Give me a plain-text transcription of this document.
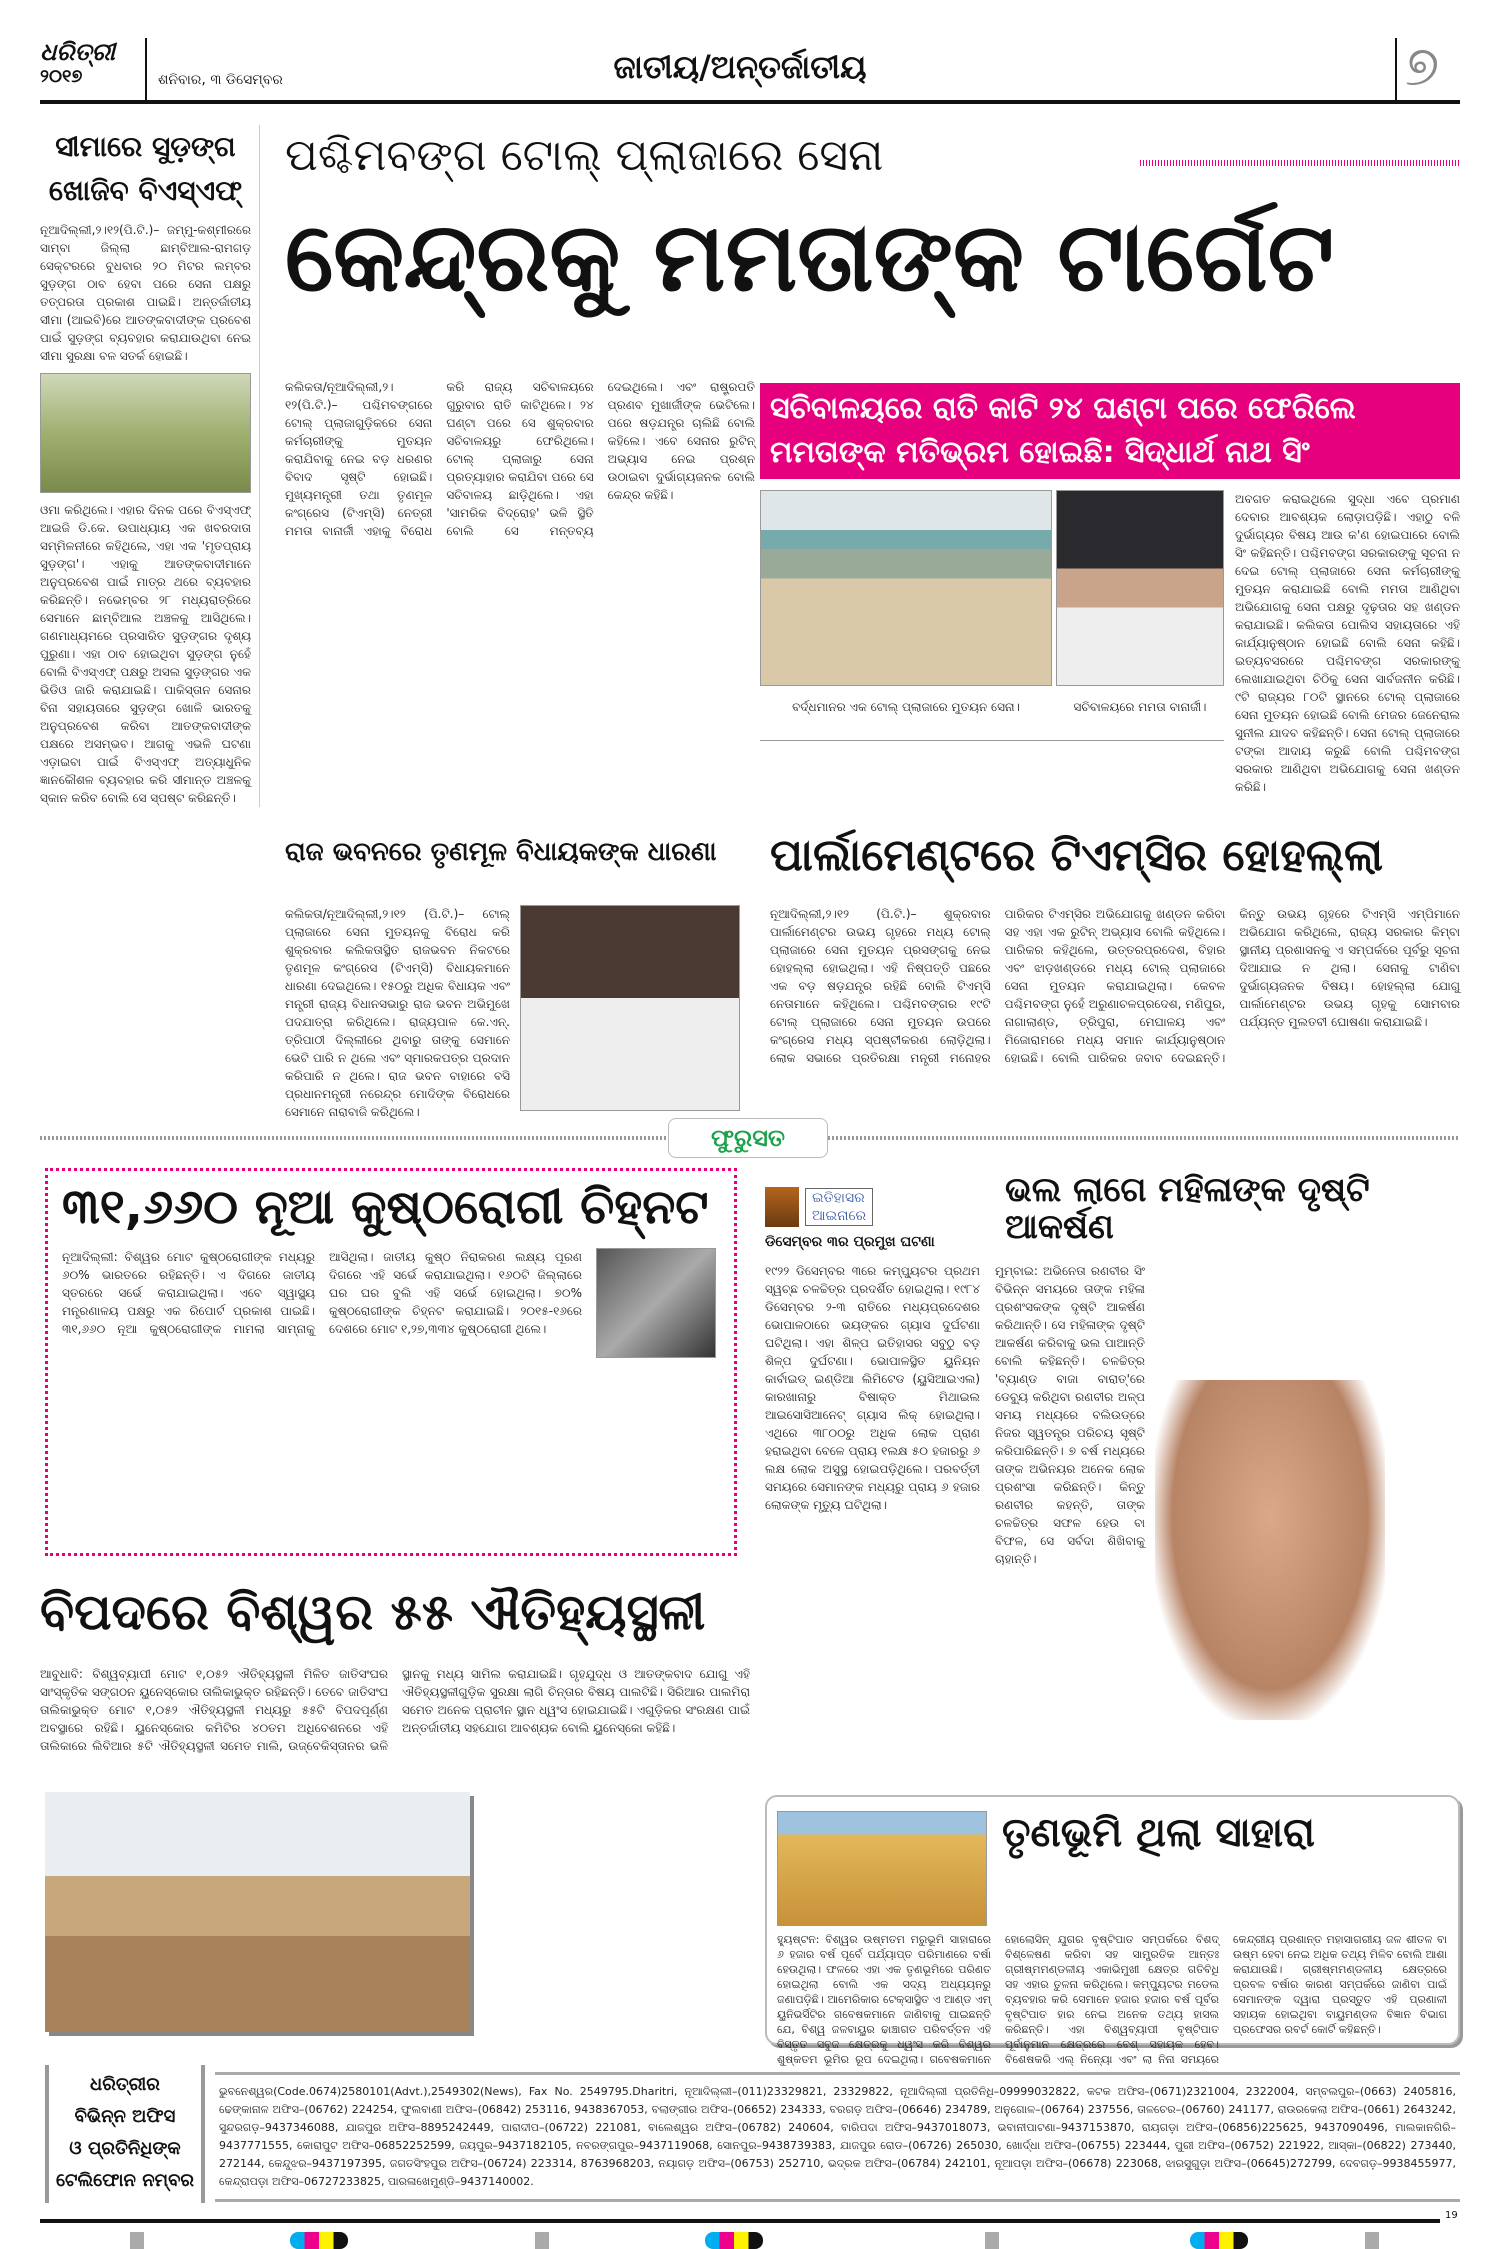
ଧରିତ୍ରୀ
୨୦୧୭	ଶନିବାର, ୩ ଡିସେମ୍ବର	ଜାତୀୟ/ଅନ୍ତର୍ଜାତୀୟ	୭
ସୀମାରେ ସୁଡ଼ଙ୍ଗ ଖୋଜିବ ବିଏସ୍‌ଏଫ୍
ନୂଆଦିଲ୍ଲୀ,୨।୧୨(ପି.ଟି.)– ଜମ୍ମୁ-କଶ୍ମୀରରେ ସାମ୍ବା ଜିଲ୍ଲା ଛାମ୍ବିଆଲ-ରାମଗଡ଼ ସେକ୍ଟରରେ ବୁଧବାର ୨୦ ମିଟର ଲମ୍ବର ସୁଡ଼ଙ୍ଗ ଠାବ ହେବା ପରେ ସେନା ପକ୍ଷରୁ ତତ୍ପରତା ପ୍ରକାଶ ପାଇଛି। ଅନ୍ତର୍ଜାତୀୟ ସୀମା (ଆଇବି)ରେ ଆତଙ୍କବାଦୀଙ୍କ ପ୍ରବେଶ ପାଇଁ ସୁଡ଼ଙ୍ଗ ବ୍ୟବହାର କରାଯାଉଥିବା ନେଇ ସୀମା ସୁରକ୍ଷା ବଳ ସତର୍କ ହୋଇଛି।
ଓମା କରିଥିଲେ। ଏହାର ଦିନକ ପରେ ବିଏସ୍‌ଏଫ୍ ଆଇଜି ଡି.କେ. ଉପାଧ୍ୟାୟ ଏକ ଖବରଦାତା ସମ୍ମିଳନୀରେ କହିଥିଲେ, ଏହା ଏକ 'ମୃତପ୍ରାୟ ସୁଡ଼ଙ୍ଗ'। ଏହାକୁ ଆତଙ୍କବାଦୀମାନେ ଅନୁପ୍ରବେଶ ପାଇଁ ମାତ୍ର ଥରେ ବ୍ୟବହାର କରିଛନ୍ତି। ନଭେମ୍ବର ୨୮ ମଧ୍ୟରାତ୍ରିରେ ସେମାନେ ଛାମ୍ବିଆଲ ଅଞ୍ଚଳକୁ ଆସିଥିଲେ। ଗଣମାଧ୍ୟମରେ ପ୍ରସାରିତ ସୁଡ଼ଙ୍ଗର ଦୃଶ୍ୟ ପୁରୁଣା। ଏହା ଠାବ ହୋଇଥିବା ସୁଡ଼ଙ୍ଗ ନୁହେଁ ବୋଲି ବିଏସ୍‌ଏଫ୍ ପକ୍ଷରୁ ଅସଲ ସୁଡ଼ଙ୍ଗର ଏକ ଭିଡିଓ ଜାରି କରାଯାଇଛି। ପାକିସ୍ତାନ ସେନାର ବିନା ସହାୟତାରେ ସୁଡ଼ଙ୍ଗ ଖୋଳି ଭାରତକୁ ଅନୁପ୍ରବେଶ କରିବା ଆତଙ୍କବାଦୀଙ୍କ ପକ୍ଷରେ ଅସମ୍ଭବ। ଆଗକୁ ଏଭଳି ଘଟଣା ଏଡ଼ାଇବା ପାଇଁ ବିଏସ୍‌ଏଫ୍ ଅତ୍ୟାଧୁନିକ ଜ୍ଞାନକୌଶଳ ବ୍ୟବହାର କରି ସୀମାନ୍ତ ଅଞ୍ଚଳକୁ ସ୍କାନ କରିବ ବୋଲି ସେ ସ୍ପଷ୍ଟ କରିଛନ୍ତି।
ପଶ୍ଚିମବଙ୍ଗ ଟୋଲ୍ ପ୍ଲାଜାରେ ସେନା
କେନ୍ଦ୍ରକୁ ମମତାଙ୍କ ଟାର୍ଗେଟ
କଲିକତା/ନୂଆଦିଲ୍ଲୀ,୨।୧୨(ପି.ଟି.)– ପଶ୍ଚିମବଙ୍ଗରେ ଟୋଲ୍ ପ୍ଲାଜାଗୁଡ଼ିକରେ ସେନା କର୍ମଚାରୀଙ୍କୁ ମୁତୟନ କରାଯିବାକୁ ନେଇ ବଡ଼ ଧରଣର ବିବାଦ ସୃଷ୍ଟି ହୋଇଛି। ମୁଖ୍ୟମନ୍ତ୍ରୀ ତଥା ତୃଣମୂଳ କଂଗ୍ରେସ (ଟିଏମ୍‌ସି) ନେତ୍ରୀ ମମତା ବାନାର୍ଜୀ ଏହାକୁ ବିରୋଧ କରି ରାଜ୍ୟ ସଚିବାଳୟରେ ଗୁରୁବାର ରାତି କାଟିଥିଲେ। ୨୪ ଘଣ୍ଟା ପରେ ସେ ଶୁକ୍ରବାର ସଚିବାଳୟରୁ ଫେରିଥିଲେ। ଟୋଲ୍ ପ୍ଲାଜାରୁ ସେନା ପ୍ରତ୍ୟାହାର କରାଯିବା ପରେ ସେ ସଚିବାଳୟ ଛାଡ଼ିଥିଲେ। ଏହା 'ସାମରିକ ବିଦ୍ରୋହ' ଭଳି ସ୍ଥିତି ବୋଲି ସେ ମନ୍ତବ୍ୟ ଦେଇଥିଲେ। ଏବଂ ରାଷ୍ଟ୍ରପତି ପ୍ରଣବ ମୁଖାର୍ଜୀଙ୍କ ଭେଟିଲେ। ପରେ ଷଡ଼ଯନ୍ତ୍ର ଚାଲିଛି ବୋଲି କହିଲେ। ଏବେ ସେନାର ରୁଟିନ୍ ଅଭ୍ୟାସ ନେଇ ପ୍ରଶ୍ନ ଉଠାଇବା ଦୁର୍ଭାଗ୍ୟଜନକ ବୋଲି କେନ୍ଦ୍ର କହିଛି।
ସଚିବାଳୟରେ ରାତି କାଟି ୨୪ ଘଣ୍ଟା ପରେ ଫେରିଲେ
ମମତାଙ୍କ ମତିଭ୍ରମ ହୋଇଛି: ସିଦ୍ଧାର୍ଥ ନାଥ ସିଂ
ବର୍ଦ୍ଧମାନର ଏକ ଟୋଲ୍ ପ୍ଲାଜାରେ ମୁତୟନ ସେନା।	ସଚିବାଳୟରେ ମମତା ବାନାର୍ଜୀ।
ଅବଗତ କରାଇଥିଲେ ସୁଦ୍ଧା ଏବେ ପ୍ରମାଣ ଦେବାର ଆବଶ୍ୟକ ଲୋଡ଼ାପଡ଼ିଛି। ଏହାଠୁ ବଳି ଦୁର୍ଭାଗ୍ୟର ବିଷୟ ଆଉ କ'ଣ ହୋଇପାରେ ବୋଲି ସିଂ କହିଛନ୍ତି। ପଶ୍ଚିମବଙ୍ଗ ସରକାରଙ୍କୁ ସୂଚନା ନ ଦେଇ ଟୋଲ୍ ପ୍ଲାଜାରେ ସେନା କର୍ମଚାରୀଙ୍କୁ ମୁତୟନ କରାଯାଇଛି ବୋଲି ମମତା ଆଣିଥିବା ଅଭିଯୋଗକୁ ସେନା ପକ୍ଷରୁ ଦୃଢ଼ତାର ସହ ଖଣ୍ଡନ କରାଯାଇଛି। କଲିକତା ପୋଲିସ ସହାୟତାରେ ଏହି କାର୍ଯ୍ୟାନୁଷ୍ଠାନ ହୋଇଛି ବୋଲି ସେନା କହିଛି। ଇତ୍ୟବସରରେ ପଶ୍ଚିମବଙ୍ଗ ସରକାରଙ୍କୁ ଲେଖାଯାଇଥିବା ଚିଠିକୁ ସେନା ସାର୍ବଜନୀନ କରିଛି। ୯ଟି ରାଜ୍ୟର ୮୦ଟି ସ୍ଥାନରେ ଟୋଲ୍ ପ୍ଲାଜାରେ ସେନା ମୁତୟନ ହୋଇଛି ବୋଲି ମେଜର ଜେନେରାଲ ସୁନୀଲ ଯାଦବ କହିଛନ୍ତି। ସେନା ଟୋଲ୍ ପ୍ଲାଜାରେ ଟଙ୍କା ଆଦାୟ କରୁଛି ବୋଲି ପଶ୍ଚିମବଙ୍ଗ ସରକାର ଆଣିଥିବା ଅଭିଯୋଗକୁ ସେନା ଖଣ୍ଡନ କରିଛି।
ରାଜ ଭବନରେ ତୃଣମୂଳ ବିଧାୟକଙ୍କ ଧାରଣା
କଲିକତା/ନୂଆଦିଲ୍ଲୀ,୨।୧୨ (ପି.ଟି.)– ଟୋଲ୍ ପ୍ଲାଜାରେ ସେନା ମୁତୟନକୁ ବିରୋଧ କରି ଶୁକ୍ରବାର କଲିକତାସ୍ଥିତ ରାଜଭବନ ନିକଟରେ ତୃଣମୂଳ କଂଗ୍ରେସ (ଟିଏମ୍‌ସି) ବିଧାୟକମାନେ ଧାରଣା ଦେଇଥିଲେ। ୧୫୦ରୁ ଅଧିକ ବିଧାୟକ ଏବଂ ମନ୍ତ୍ରୀ ରାଜ୍ୟ ବିଧାନସଭାରୁ ରାଜ ଭବନ ଅଭିମୁଖେ ପଦଯାତ୍ରା କରିଥିଲେ। ରାଜ୍ୟପାଳ କେ.ଏନ୍. ତ୍ରିପାଠୀ ଦିଲ୍ଲୀରେ ଥିବାରୁ ତାଙ୍କୁ ସେମାନେ ଭେଟି ପାରି ନ ଥିଲେ ଏବଂ ସ୍ମାରକପତ୍ର ପ୍ରଦାନ କରିପାରି ନ ଥିଲେ। ରାଜ ଭବନ ବାହାରେ ବସି ପ୍ରଧାନମନ୍ତ୍ରୀ ନରେନ୍ଦ୍ର ମୋଦିଙ୍କ ବିରୋଧରେ ସେମାନେ ନାରାବାଜି କରିଥିଲେ।
ପାର୍ଲାମେଣ୍ଟରେ ଟିଏମ୍‌ସିର ହୋହଲ୍ଲା
ନୂଆଦିଲ୍ଲୀ,୨।୧୨ (ପି.ଟି.)– ଶୁକ୍ରବାର ପାର୍ଲାମେଣ୍ଟର ଉଭୟ ଗୃହରେ ମଧ୍ୟ ଟୋଲ୍ ପ୍ଲାଜାରେ ସେନା ମୁତୟନ ପ୍ରସଙ୍ଗକୁ ନେଇ ହୋହଲ୍ଲା ହୋଇଥିଲା। ଏହି ନିଷ୍ପତ୍ତି ପଛରେ ଏକ ବଡ଼ ଷଡ଼ଯନ୍ତ୍ର ରହିଛି ବୋଲି ଟିଏମ୍‌ସି ନେତାମାନେ କହିଥିଲେ। ପଶ୍ଚିମବଙ୍ଗର ୧୯ଟି ଟୋଲ୍ ପ୍ଲାଜାରେ ସେନା ମୁତୟନ ଉପରେ କଂଗ୍ରେସ ମଧ୍ୟ ସ୍ପଷ୍ଟୀକରଣ ଲୋଡ଼ିଥିଲା। ଲୋକ ସଭାରେ ପ୍ରତିରକ୍ଷା ମନ୍ତ୍ରୀ ମନୋହର ପାରିକର ଟିଏମ୍‌ସିର ଅଭିଯୋଗକୁ ଖଣ୍ଡନ କରିବା ସହ ଏହା ଏକ ରୁଟିନ୍ ଅଭ୍ୟାସ ବୋଲି କହିଥିଲେ। ପାରିକର କହିଥିଲେ, ଉତ୍ତରପ୍ରଦେଶ, ବିହାର ଏବଂ ଝାଡ଼ଖଣ୍ଡରେ ମଧ୍ୟ ଟୋଲ୍ ପ୍ଲାଜାରେ ସେନା ମୁତୟନ କରାଯାଇଥିଲା। କେବଳ ପଶ୍ଚିମବଙ୍ଗ ନୁହେଁ ଅରୁଣାଚଳପ୍ରଦେଶ, ମଣିପୁର, ନାଗାଲାଣ୍ଡ, ତ୍ରିପୁରା, ମେଘାଳୟ ଏବଂ ମିଜୋରାମରେ ମଧ୍ୟ ସମାନ କାର୍ଯ୍ୟାନୁଷ୍ଠାନ ହୋଇଛି। ବୋଲି ପାରିକର ଜବାବ ଦେଇଛନ୍ତି। କିନ୍ତୁ ଉଭୟ ଗୃହରେ ଟିଏମ୍‌ସି ଏମ୍‌ପିମାନେ ଅଭିଯୋଗ କରିଥିଲେ, ରାଜ୍ୟ ସରକାର କିମ୍ବା ସ୍ଥାନୀୟ ପ୍ରଶାସନକୁ ଏ ସମ୍ପର୍କରେ ପୂର୍ବରୁ ସୂଚନା ଦିଆଯାଇ ନ ଥିଲା। ସେନାକୁ ଟାଣିବା ଦୁର୍ଭାଗ୍ୟଜନକ ବିଷୟ। ହୋହଲ୍ଲା ଯୋଗୁ ପାର୍ଲାମେଣ୍ଟର ଉଭୟ ଗୃହକୁ ସୋମବାର ପର୍ଯ୍ୟନ୍ତ ମୁଲତବୀ ଘୋଷଣା କରାଯାଇଛି।
ଫୁରୁସତ
୩୧,୬୬୦ ନୂଆ କୁଷ୍ଠରୋଗୀ ଚିହ୍ନଟ
ନୂଆଦିଲ୍ଲୀ: ବିଶ୍ୱର ମୋଟ କୁଷ୍ଠରୋଗୀଙ୍କ ମଧ୍ୟରୁ ୬୦% ଭାରତରେ ରହିଛନ୍ତି। ଏ ଦିଗରେ ଜାତୀୟ ସ୍ତରରେ ସର୍ଭେ କରାଯାଇଥିଲା। ଏବେ ସ୍ୱାସ୍ଥ୍ୟ ମନ୍ତ୍ରଣାଳୟ ପକ୍ଷରୁ ଏକ ରିପୋର୍ଟ ପ୍ରକାଶ ପାଇଛି। ୩୧,୬୬୦ ନୂଆ କୁଷ୍ଠରୋଗୀଙ୍କ ମାମଲା ସାମ୍ନାକୁ ଆସିଥିଲା। ଜାତୀୟ କୁଷ୍ଠ ନିରାକରଣ ଲକ୍ଷ୍ୟ ପୂରଣ ଦିଗରେ ଏହି ସର୍ଭେ କରାଯାଇଥିଲା। ୧୬୦ଟି ଜିଲ୍ଲାରେ ଘର ଘର ବୁଲି ଏହି ସର୍ଭେ ହୋଇଥିଲା। ୭୦% କୁଷ୍ଠରୋଗୀଙ୍କ ଚିହ୍ନଟ କରାଯାଇଛି। ୨୦୧୫-୧୬ରେ ଦେଶରେ ମୋଟ ୧,୨୭,୩୩୪ କୁଷ୍ଠରୋଗୀ ଥିଲେ।
ଇତିହାସର
ଆଇନାରେ
ଡିସେମ୍ବର ୩ର ପ୍ରମୁଖ ଘଟଣା
୧୯୨୨ ଡିସେମ୍ବର ୩ରେ କମ୍ପ୍ୟୁଟର ପ୍ରଥମ ସ୍ୱଚ୍ଛ ଚଳଚ୍ଚିତ୍ର ପ୍ରଦର୍ଶିତ ହୋଇଥିଲା। ୧୯୮୪ ଡିସେମ୍ବର ୨-୩ ରାତିରେ ମଧ୍ୟପ୍ରଦେଶର ଭୋପାଳଠାରେ ଭୟଙ୍କର ଗ୍ୟାସ ଦୁର୍ଘଟଣା ଘଟିଥିଲା। ଏହା ଶିଳ୍ପ ଇତିହାସର ସବୁଠୁ ବଡ଼ ଶିଳ୍ପ ଦୁର୍ଘଟଣା। ଭୋପାଳସ୍ଥିତ ୟୁନିୟନ କାର୍ବାଇଡ୍ ଇଣ୍ଡିଆ ଲିମିଟେଡ (ୟୁସିଆଇଏଲ) କାରଖାନାରୁ ବିଷାକ୍ତ ମିଥାଇଲ ଆଇସୋସିଆନେଟ୍ ଗ୍ୟାସ ଲିକ୍ ହୋଇଥିଲା। ଏଥିରେ ୩୮୦୦ରୁ ଅଧିକ ଲୋକ ପ୍ରାଣ ହରାଇଥିବା ବେଳେ ପ୍ରାୟ ୧ଲକ୍ଷ ୫୦ ହଜାରରୁ ୬ ଲକ୍ଷ ଲୋକ ଅସୁସ୍ଥ ହୋଇପଡ଼ିଥିଲେ। ପରବର୍ତ୍ତୀ ସମୟରେ ସେମାନଙ୍କ ମଧ୍ୟରୁ ପ୍ରାୟ ୬ ହଜାର ଲୋକଙ୍କ ମୃତ୍ୟୁ ଘଟିଥିଲା।
ଭଲ ଲାଗେ ମହିଳାଙ୍କ ଦୃଷ୍ଟି ଆକର୍ଷଣ
ମୁମ୍ବାଇ: ଅଭିନେତା ରଣବୀର ସିଂ ବିଭିନ୍ନ ସମୟରେ ତାଙ୍କ ମହିଳା ପ୍ରଶଂସକଙ୍କ ଦୃଷ୍ଟି ଆକର୍ଷଣ କରିଥାନ୍ତି। ସେ ମହିଳାଙ୍କ ଦୃଷ୍ଟି ଆକର୍ଷଣ କରିବାକୁ ଭଲ ପାଆନ୍ତି ବୋଲି କହିଛନ୍ତି। ଚଳଚ୍ଚିତ୍ର 'ବ୍ୟାଣ୍ଡ ବାଜା ବାରାତ୍'ରେ ଡେବ୍ୟୁ କରିଥିବା ରଣବୀର ଅଳ୍ପ ସମୟ ମଧ୍ୟରେ ବଲିଉଡ୍‌ରେ ନିଜର ସ୍ୱତନ୍ତ୍ର ପରିଚୟ ସୃଷ୍ଟି କରିପାରିଛନ୍ତି। ୭ ବର୍ଷ ମଧ୍ୟରେ ତାଙ୍କ ଅଭିନୟର ଅନେକ ଲୋକ ପ୍ରଶଂସା କରିଛନ୍ତି। କିନ୍ତୁ ରଣବୀର କହନ୍ତି, ତାଙ୍କ ଚଳଚ୍ଚିତ୍ର ସଫଳ ହେଉ ବା ବିଫଳ, ସେ ସର୍ବଦା ଶିଖିବାକୁ ଚାହାନ୍ତି।
ବିପଦରେ ବିଶ୍ୱର ୫୫ ଐତିହ୍ୟସ୍ଥଳୀ
ଆବୁଧାବି: ବିଶ୍ୱବ୍ୟାପୀ ମୋଟ ୧,୦୫୨ ଐତିହ୍ୟସ୍ଥଳୀ ମିଳିତ ଜାତିସଂଘର ସାଂସ୍କୃତିକ ସଙ୍ଗଠନ ୟୁନେସ୍କୋର ତାଲିକାଭୁକ୍ତ ରହିଛନ୍ତି। ତେବେ ଜାତିସଂଘ ତାଲିକାଭୁକ୍ତ ମୋଟ ୧,୦୫୨ ଐତିହ୍ୟସ୍ଥଳୀ ମଧ୍ୟରୁ ୫୫ଟି ବିପଦପୂର୍ଣ୍ଣ ଅବସ୍ଥାରେ ରହିଛି। ୟୁନେସ୍କୋର କମିଟିର ୪୦ତମ ଅଧିବେଶନରେ ଏହି ତାଲିକାରେ ଲିବିଆର ୫ଟି ଐତିହ୍ୟସ୍ଥଳୀ ସମେତ ମାଲି, ଉଜ୍‌ବେକିସ୍ତାନର ଭଳି ସ୍ଥାନକୁ ମଧ୍ୟ ସାମିଲ କରାଯାଇଛି। ଗୃହଯୁଦ୍ଧ ଓ ଆତଙ୍କବାଦ ଯୋଗୁ ଏହି ଐତିହ୍ୟସ୍ଥଳୀଗୁଡ଼ିକ ସୁରକ୍ଷା ଲାଗି ଚିନ୍ତାର ବିଷୟ ପାଲଟିଛି। ସିରିଆର ପାଲମିରା ସମେତ ଅନେକ ପ୍ରାଚୀନ ସ୍ଥାନ ଧ୍ୱଂସ ହୋଇଯାଇଛି। ଏଗୁଡ଼ିକର ସଂରକ୍ଷଣ ପାଇଁ ଅନ୍ତର୍ଜାତୀୟ ସହଯୋଗ ଆବଶ୍ୟକ ବୋଲି ୟୁନେସ୍କୋ କହିଛି।
ତୃଣଭୂମି ଥିଲା ସାହାରା
ହ୍ୟୁଷ୍ଟନ: ବିଶ୍ୱର ଉଷ୍ମତମ ମରୁଭୂମି ସାହାରାରେ ୬ ହଜାର ବର୍ଷ ପୂର୍ବେ ପର୍ଯ୍ୟାପ୍ତ ପରିମାଣରେ ବର୍ଷା ହେଉଥିଲା। ଫଳରେ ଏହା ଏକ ତୃଣଭୂମିରେ ପରିଣତ ହୋଇଥିଲା ବୋଲି ଏକ ସଦ୍ୟ ଅଧ୍ୟୟନରୁ ଜଣାପଡ଼ିଛି। ଆମେରିକାର ଟେକ୍ସାସ୍ଥିତ ଏ ଆଣ୍ଡ ଏମ୍ ୟୁନିଭର୍ସିଟିର ଗବେଷକମାନେ ଜାଣିବାକୁ ପାଇଛନ୍ତି ଯେ, ବିଶ୍ୱ ଜଳବାୟୁର ଢାଞ୍ଚାଗତ ପରିବର୍ତ୍ତନ ଏହି ବିସ୍ତୃତ ସବୁଜ କ୍ଷେତ୍ରକୁ ଧ୍ୱଂସ କରି ବିଶ୍ୱର ଶୁଷ୍କତମ ଭୂମିର ରୂପ ଦେଇଥିଲା। ଗବେଷକମାନେ ହୋଲୋସିନ୍ ଯୁଗର ବୃଷ୍ଟିପାତ ସମ୍ପର୍କରେ ବିଶଦ୍ ବିଶ୍ଳେଷଣ କରିବା ସହ ସାମ୍ପ୍ରତିକ ଆନ୍ତଃ ଗ୍ରୀଷ୍ମମଣ୍ଡଳୀୟ ଏକାଭିମୁଖୀ କ୍ଷେତ୍ର ଗତିବିଧି ସହ ଏହାର ତୁଳନା କରିଥିଲେ। କମ୍ପ୍ୟୁଟର ମଡେଲ ବ୍ୟବହାର କରି ସେମାନେ ହଜାର ହଜାର ବର୍ଷ ପୂର୍ବର ବୃଷ୍ଟିପାତ ହାର ନେଇ ଅନେକ ତଥ୍ୟ ହାସଲ କରିଛନ୍ତି। ଏହା ବିଶ୍ୱବ୍ୟାପୀ ବୃଷ୍ଟିପାତ ପୂର୍ବାନୁମାନ କ୍ଷେତ୍ରରେ ବେଶ୍ ସହାୟକ ହେବ। ବିଶେଷକରି ଏଲ୍ ନିନ୍ୟୋ ଏବଂ ଲା ନିନା ସମୟରେ କେନ୍ଦ୍ରୀୟ ପ୍ରଶାନ୍ତ ମହାସାଗରୀୟ ଜଳ ଶୀତଳ ବା ଉଷ୍ମ ହେବା ନେଇ ଅଧିକ ତଥ୍ୟ ମିଳିବ ବୋଲି ଆଶା କରାଯାଉଛି। ଗ୍ରୀଷ୍ମମଣ୍ଡଳୀୟ କ୍ଷେତ୍ରରେ ପ୍ରବଳ ବର୍ଷାର କାରଣ ସମ୍ପର୍କରେ ଜାଣିବା ପାଇଁ ସେମାନଙ୍କ ଦ୍ୱାରା ପ୍ରସ୍ତୁତ ଏହି ପ୍ରଣାଳୀ ସହାୟକ ହୋଇଥିବା ବାୟୁମଣ୍ଡଳ ବିଜ୍ଞାନ ବିଭାଗ ପ୍ରଫେସର ରବର୍ଟ କୋର୍ଟି କହିଛନ୍ତି।
ଧରିତ୍ରୀର
ବିଭିନ୍ନ ଅଫିସ
ଓ ପ୍ରତିନିଧିଙ୍କ
ଟେଲିଫୋନ ନମ୍ବର
ଭୁବନେଶ୍ୱର(Code.0674)2580101(Advt.),2549302(News), Fax No. 2549795.Dharitri, ନୂଆଦିଲ୍ଲୀ–(011)23329821, 23329822, ନୂଆଦିଲ୍ଲୀ ପ୍ରତିନିଧି–09999032822, କଟକ ଅଫିସ–(0671)2321004, 2322004, ସମ୍ବଲପୁର–(0663) 2405816, ଢେଙ୍କାନାଳ ଅଫିସ–(06762) 224254, ଫୁଲବାଣୀ ଅଫିସ–(06842) 253116, 9438367053, ବଲାଙ୍ଗୀର ଅଫିସ–(06652) 234333, ବରଗଡ଼ ଅଫିସ–(06646) 234789, ଅନୁଗୋଳ–(06764) 237556, ତାଳଚେର–(06760) 241177, ରାଉରକେଲା ଅଫିସ–(0661) 2643242, ସୁନ୍ଦରଗଡ଼–9437346088, ଯାଜପୁର ଅଫିସ–8895242449, ପାରାଦୀପ–(06722) 221081, ବାଲେଶ୍ୱର ଅଫିସ–(06782) 240604, ବାରିପଦା ଅଫିସ–9437018073, ଭବାନୀପାଟଣା–9437153870, ରାୟଗଡ଼ା ଅଫିସ–(06856)225625, 9437090496, ମାଲକାନଗିରି–9437771555, କୋରାପୁଟ ଅଫିସ–06852252599, ଜୟପୁର–9437182105, ନବରଙ୍ଗପୁର–9437119068, ସୋନପୁର–9438739383, ଯାଜପୁର ରୋଡ–(06726) 265030, ଖୋର୍ଦ୍ଧା ଅଫିସ–(06755) 223444, ପୁରୀ ଅଫିସ–(06752) 221922, ଆସ୍କା–(06822) 273440, 272144, କେନ୍ଦୁଝର–9437197395, ଜଗତସିଂହପୁର ଅଫିସ–(06724) 223314, 8763968203, ନୟାଗଡ଼ ଅଫିସ–(06753) 252710, ଭଦ୍ରକ ଅଫିସ–(06784) 242101, ନୂଆପଡ଼ା ଅଫିସ–(06678) 223068, ଝାରସୁଗୁଡ଼ା ଅଫିସ–(06645)272799, ଦେବଗଡ଼–9938455977, କେନ୍ଦ୍ରାପଡ଼ା ଅଫିସ–06727233825, ପାରଳାଖେମୁଣ୍ଡି–9437140002.
19
